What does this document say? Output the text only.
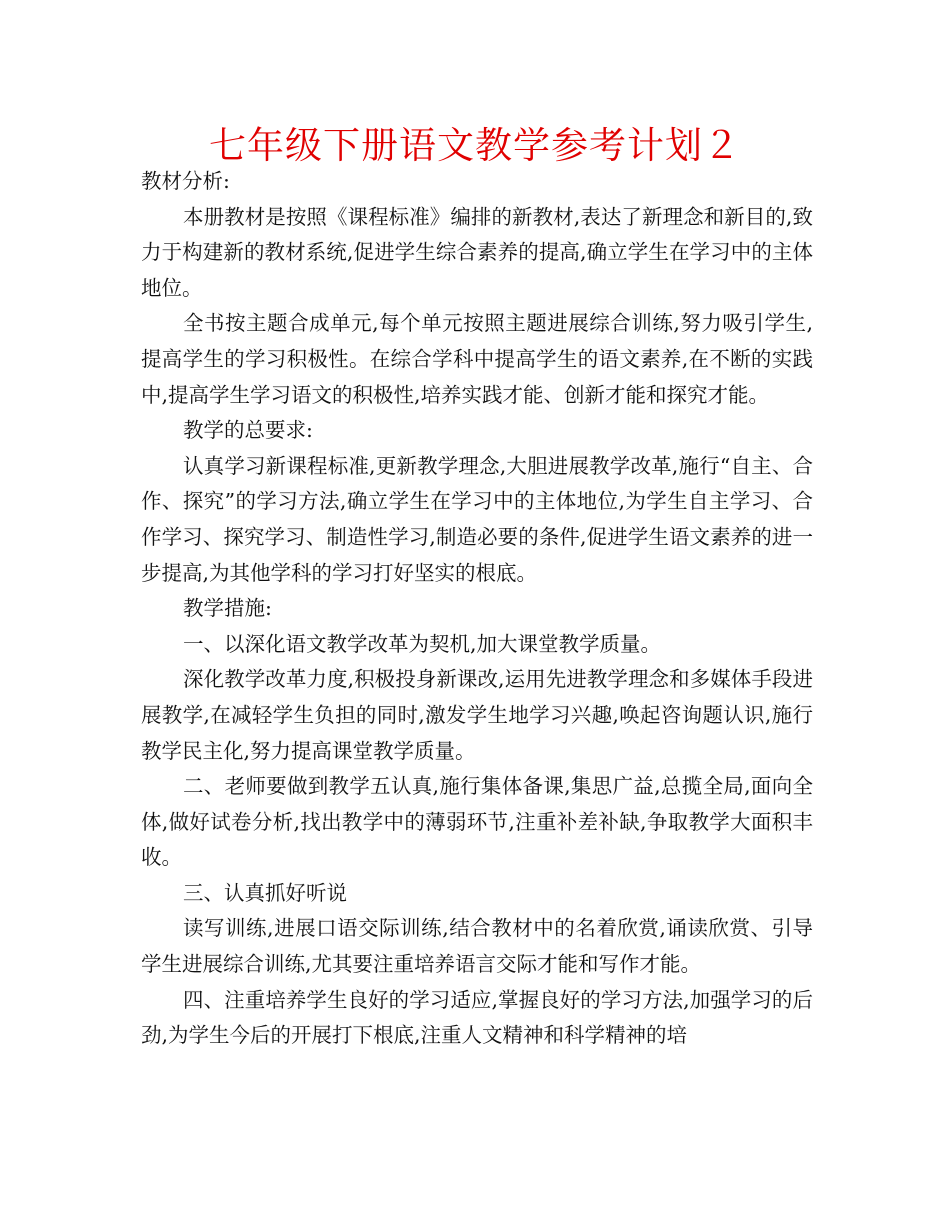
七年级下册语文教学参考计划２

教材分析:

本册教材是按照《课程标准》编排的新教材,表达了新理念和新目的,致力于构建新的教材系统,促进学生综合素养的提高,确立学生在学习中的主体地位。

全书按主题合成单元,每个单元按照主题进展综合训练,努力吸引学生,提高学生的学习积极性。在综合学科中提高学生的语文素养,在不断的实践中,提高学生学习语文的积极性,培养实践才能、创新才能和探究才能。

教学的总要求:

认真学习新课程标准,更新教学理念,大胆进展教学改革,施行“自主、合作、探究”的学习方法,确立学生在学习中的主体地位,为学生自主学习、合作学习、探究学习、制造性学习,制造必要的条件,促进学生语文素养的进一步提高,为其他学科的学习打好坚实的根底。

教学措施:

一、以深化语文教学改革为契机,加大课堂教学质量。

深化教学改革力度,积极投身新课改,运用先进教学理念和多媒体手段进展教学,在减轻学生负担的同时,激发学生地学习兴趣,唤起咨询题认识,施行教学民主化,努力提高课堂教学质量。

二、老师要做到教学五认真,施行集体备课,集思广益,总揽全局,面向全体,做好试卷分析,找出教学中的薄弱环节,注重补差补缺,争取教学大面积丰收。

三、认真抓好听说

读写训练,进展口语交际训练,结合教材中的名着欣赏,诵读欣赏、引导学生进展综合训练,尤其要注重培养语言交际才能和写作才能。

四、注重培养学生良好的学习适应,掌握良好的学习方法,加强学习的后劲,为学生今后的开展打下根底,注重人文精神和科学精神的培
